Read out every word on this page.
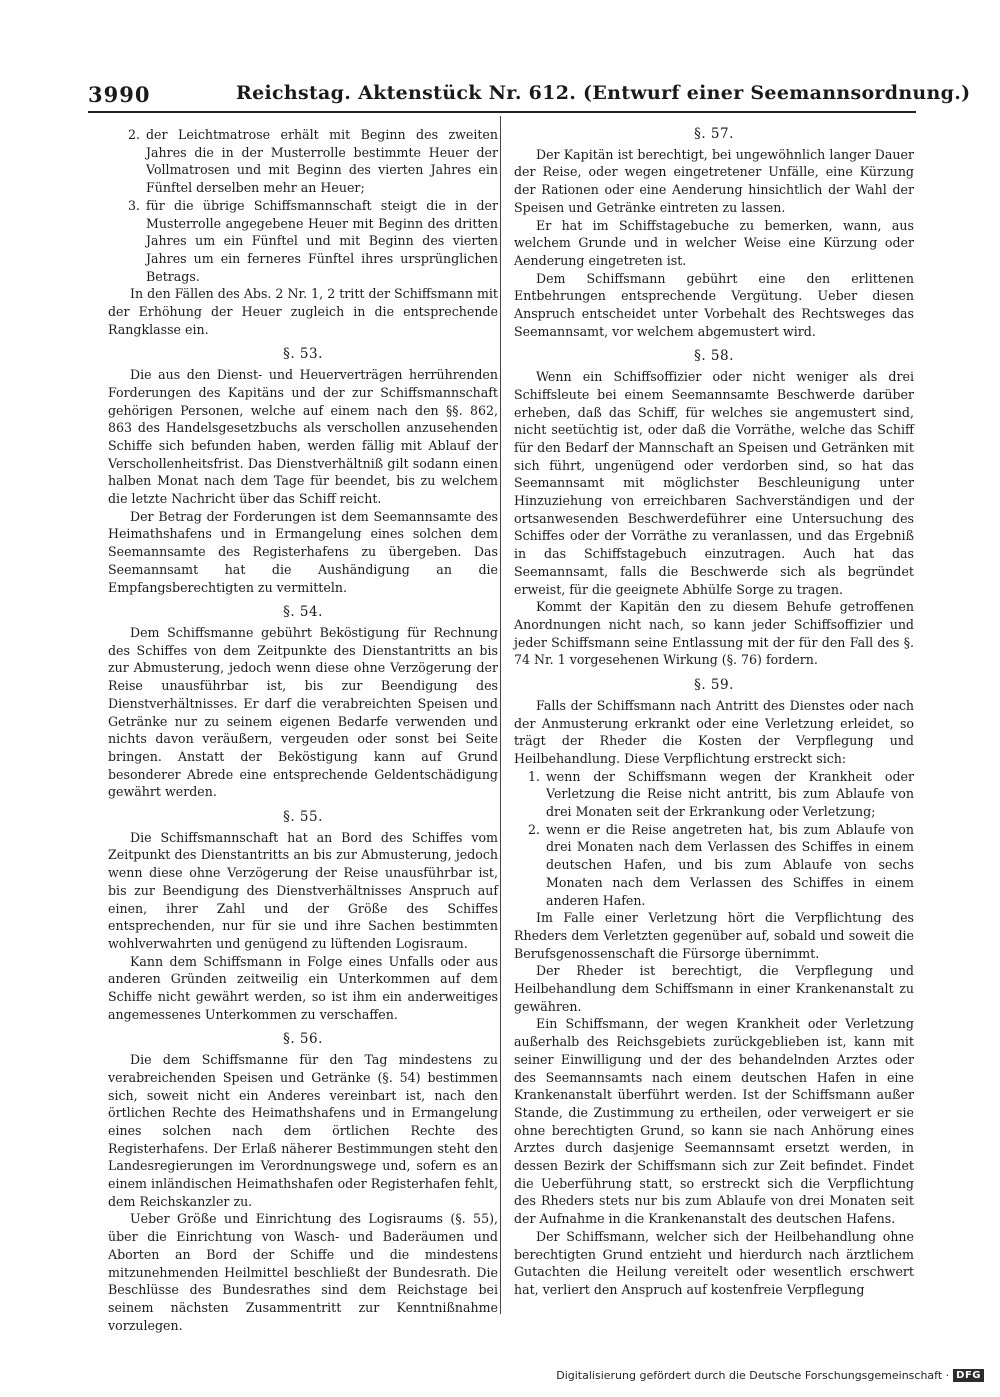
3990	Reichstag. Aktenstück Nr. 612. (Entwurf einer Seemannsordnung.)
2. der Leichtmatrose erhält mit Beginn des zweiten Jahres die in der Musterrolle bestimmte Heuer der Vollmatrosen und mit Beginn des vierten Jahres ein Fünftel derselben mehr an Heuer;
3. für die übrige Schiffsmannschaft steigt die in der Musterrolle angegebene Heuer mit Beginn des dritten Jahres um ein Fünftel und mit Beginn des vierten Jahres um ein ferneres Fünftel ihres ursprünglichen Betrags.

In den Fällen des Abs. 2 Nr. 1, 2 tritt der Schiffsmann mit der Erhöhung der Heuer zugleich in die entsprechende Rangklasse ein.

§. 53.

Die aus den Dienst- und Heuerverträgen herrührenden Forderungen des Kapitäns und der zur Schiffsmannschaft gehörigen Personen, welche auf einem nach den §§. 862, 863 des Handelsgesetzbuchs als verschollen anzusehenden Schiffe sich befunden haben, werden fällig mit Ablauf der Verschollenheitsfrist. Das Dienstverhältniß gilt sodann einen halben Monat nach dem Tage für beendet, bis zu welchem die letzte Nachricht über das Schiff reicht.

Der Betrag der Forderungen ist dem Seemannsamte des Heimathshafens und in Ermangelung eines solchen dem Seemannsamte des Registerhafens zu übergeben. Das Seemannsamt hat die Aushändigung an die Empfangsberechtigten zu vermitteln.

§. 54.

Dem Schiffsmanne gebührt Beköstigung für Rechnung des Schiffes von dem Zeitpunkte des Dienstantritts an bis zur Abmusterung, jedoch wenn diese ohne Verzögerung der Reise unausführbar ist, bis zur Beendigung des Dienstverhältnisses. Er darf die verabreichten Speisen und Getränke nur zu seinem eigenen Bedarfe verwenden und nichts davon veräußern, vergeuden oder sonst bei Seite bringen. Anstatt der Beköstigung kann auf Grund besonderer Abrede eine entsprechende Geldentschädigung gewährt werden.

§. 55.

Die Schiffsmannschaft hat an Bord des Schiffes vom Zeitpunkt des Dienstantritts an bis zur Abmusterung, jedoch wenn diese ohne Verzögerung der Reise unausführbar ist, bis zur Beendigung des Dienstverhältnisses Anspruch auf einen, ihrer Zahl und der Größe des Schiffes entsprechenden, nur für sie und ihre Sachen bestimmten wohlverwahrten und genügend zu lüftenden Logisraum.

Kann dem Schiffsmann in Folge eines Unfalls oder aus anderen Gründen zeitweilig ein Unterkommen auf dem Schiffe nicht gewährt werden, so ist ihm ein anderweitiges angemessenes Unterkommen zu verschaffen.

§. 56.

Die dem Schiffsmanne für den Tag mindestens zu verabreichenden Speisen und Getränke (§. 54) bestimmen sich, soweit nicht ein Anderes vereinbart ist, nach den örtlichen Rechte des Heimathshafens und in Ermangelung eines solchen nach dem örtlichen Rechte des Registerhafens. Der Erlaß näherer Bestimmungen steht den Landesregierungen im Verordnungswege und, sofern es an einem inländischen Heimathshafen oder Registerhafen fehlt, dem Reichskanzler zu.

Ueber Größe und Einrichtung des Logisraums (§. 55), über die Einrichtung von Wasch- und Baderäumen und Aborten an Bord der Schiffe und die mindestens mitzunehmenden Heilmittel beschließt der Bundesrath. Die Beschlüsse des Bundesrathes sind dem Reichstage bei seinem nächsten Zusammentritt zur Kenntnißnahme vorzulegen.

§. 57.

Der Kapitän ist berechtigt, bei ungewöhnlich langer Dauer der Reise, oder wegen eingetretener Unfälle, eine Kürzung der Rationen oder eine Aenderung hinsichtlich der Wahl der Speisen und Getränke eintreten zu lassen.

Er hat im Schiffstagebuche zu bemerken, wann, aus welchem Grunde und in welcher Weise eine Kürzung oder Aenderung eingetreten ist.

Dem Schiffsmann gebührt eine den erlittenen Entbehrungen entsprechende Vergütung. Ueber diesen Anspruch entscheidet unter Vorbehalt des Rechtsweges das Seemannsamt, vor welchem abgemustert wird.

§. 58.

Wenn ein Schiffsoffizier oder nicht weniger als drei Schiffsleute bei einem Seemannsamte Beschwerde darüber erheben, daß das Schiff, für welches sie angemustert sind, nicht seetüchtig ist, oder daß die Vorräthe, welche das Schiff für den Bedarf der Mannschaft an Speisen und Getränken mit sich führt, ungenügend oder verdorben sind, so hat das Seemannsamt mit möglichster Beschleunigung unter Hinzuziehung von erreichbaren Sachverständigen und der ortsanwesenden Beschwerdeführer eine Untersuchung des Schiffes oder der Vorräthe zu veranlassen, und das Ergebniß in das Schiffstagebuch einzutragen. Auch hat das Seemannsamt, falls die Beschwerde sich als begründet erweist, für die geeignete Abhülfe Sorge zu tragen.

Kommt der Kapitän den zu diesem Behufe getroffenen Anordnungen nicht nach, so kann jeder Schiffsoffizier und jeder Schiffsmann seine Entlassung mit der für den Fall des §. 74 Nr. 1 vorgesehenen Wirkung (§. 76) fordern.

§. 59.

Falls der Schiffsmann nach Antritt des Dienstes oder nach der Anmusterung erkrankt oder eine Verletzung erleidet, so trägt der Rheder die Kosten der Verpflegung und Heilbehandlung. Diese Verpflichtung erstreckt sich:

1. wenn der Schiffsmann wegen der Krankheit oder Verletzung die Reise nicht antritt, bis zum Ablaufe von drei Monaten seit der Erkrankung oder Verletzung;
2. wenn er die Reise angetreten hat, bis zum Ablaufe von drei Monaten nach dem Verlassen des Schiffes in einem deutschen Hafen, und bis zum Ablaufe von sechs Monaten nach dem Verlassen des Schiffes in einem anderen Hafen.

Im Falle einer Verletzung hört die Verpflichtung des Rheders dem Verletzten gegenüber auf, sobald und soweit die Berufsgenossenschaft die Fürsorge übernimmt.

Der Rheder ist berechtigt, die Verpflegung und Heilbehandlung dem Schiffsmann in einer Krankenanstalt zu gewähren.

Ein Schiffsmann, der wegen Krankheit oder Verletzung außerhalb des Reichsgebiets zurückgeblieben ist, kann mit seiner Einwilligung und der des behandelnden Arztes oder des Seemannsamts nach einem deutschen Hafen in eine Krankenanstalt überführt werden. Ist der Schiffsmann außer Stande, die Zustimmung zu ertheilen, oder verweigert er sie ohne berechtigten Grund, so kann sie nach Anhörung eines Arztes durch dasjenige Seemannsamt ersetzt werden, in dessen Bezirk der Schiffsmann sich zur Zeit befindet. Findet die Ueberführung statt, so erstreckt sich die Verpflichtung des Rheders stets nur bis zum Ablaufe von drei Monaten seit der Aufnahme in die Krankenanstalt des deutschen Hafens.

Der Schiffsmann, welcher sich der Heilbehandlung ohne berechtigten Grund entzieht und hierdurch nach ärztlichem Gutachten die Heilung vereitelt oder wesentlich erschwert hat, verliert den Anspruch auf kostenfreie Verpflegung

Digitalisierung gefördert durch die Deutsche Forschungsgemeinschaft · DFG
